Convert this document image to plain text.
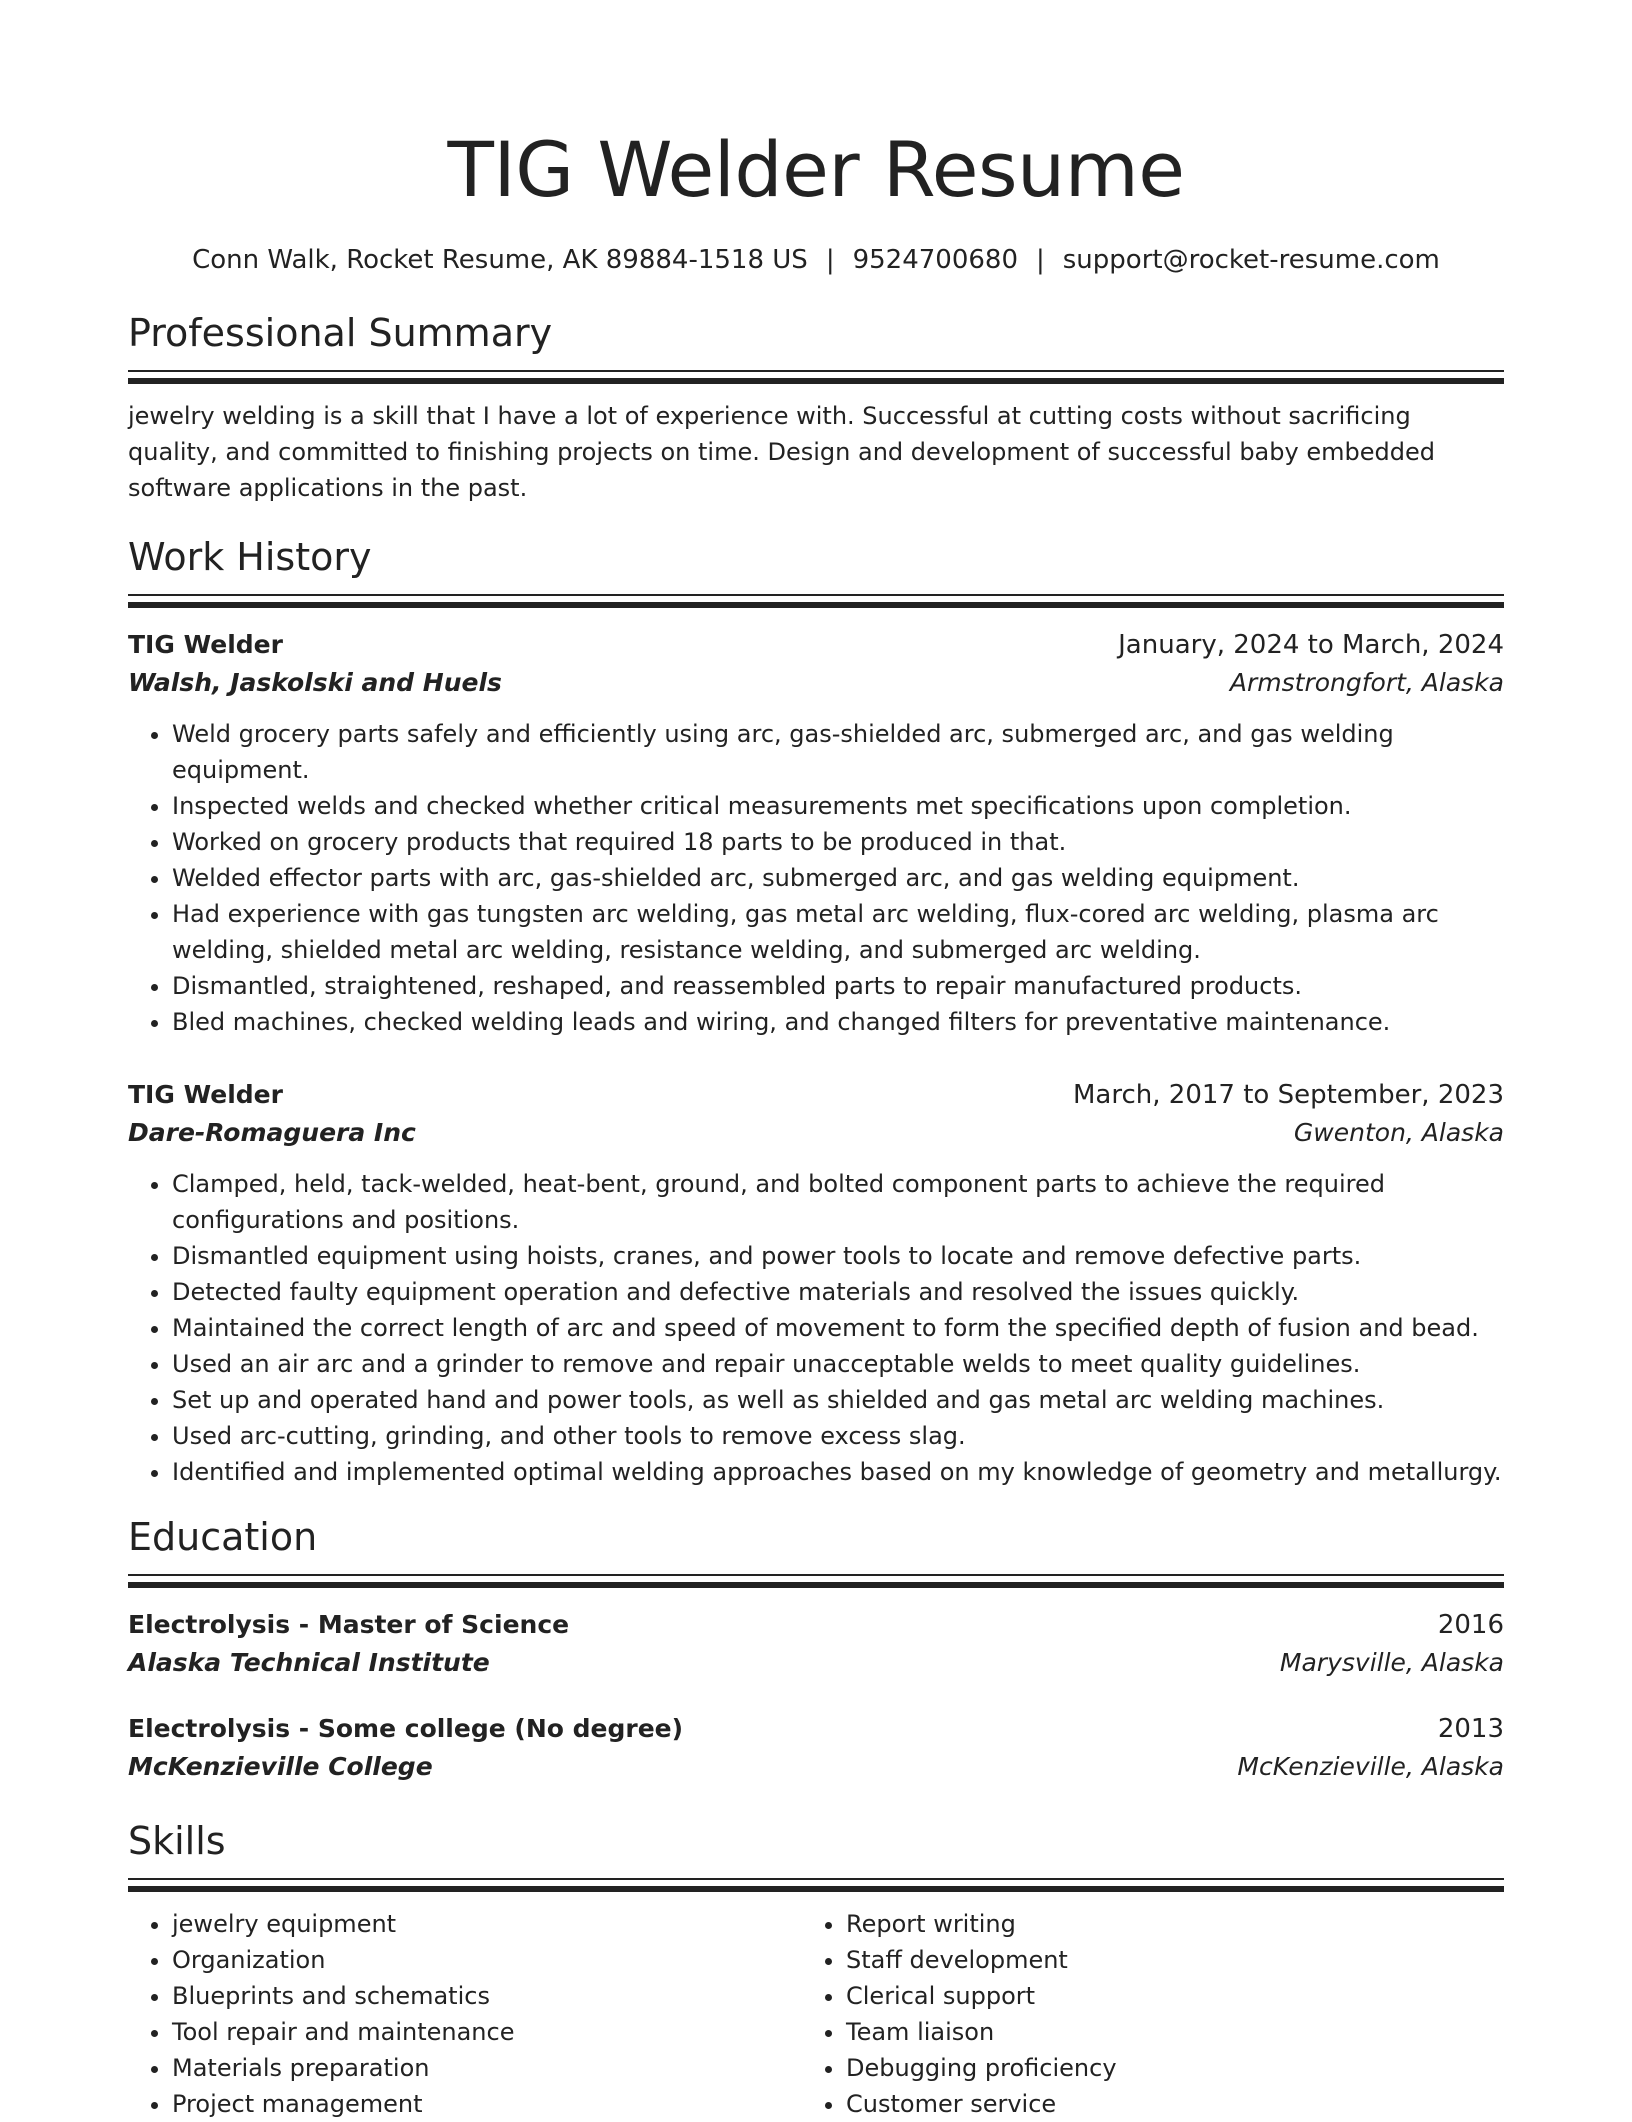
TIG Welder Resume
Conn Walk, Rocket Resume, AK 89884-1518 US | 9524700680 | support@rocket-resume.com
Professional Summary
jewelry welding is a skill that I have a lot of experience with. Successful at cutting costs without sacrificing quality, and committed to finishing projects on time. Design and development of successful baby embedded software applications in the past.
Work History
TIG Welder	January, 2024 to March, 2024
Walsh, Jaskolski and Huels	Armstrongfort, Alaska
• Weld grocery parts safely and efficiently using arc, gas-shielded arc, submerged arc, and gas welding equipment.
• Inspected welds and checked whether critical measurements met specifications upon completion.
• Worked on grocery products that required 18 parts to be produced in that.
• Welded effector parts with arc, gas-shielded arc, submerged arc, and gas welding equipment.
• Had experience with gas tungsten arc welding, gas metal arc welding, flux-cored arc welding, plasma arc welding, shielded metal arc welding, resistance welding, and submerged arc welding.
• Dismantled, straightened, reshaped, and reassembled parts to repair manufactured products.
• Bled machines, checked welding leads and wiring, and changed filters for preventative maintenance.
TIG Welder	March, 2017 to September, 2023
Dare-Romaguera Inc	Gwenton, Alaska
• Clamped, held, tack-welded, heat-bent, ground, and bolted component parts to achieve the required configurations and positions.
• Dismantled equipment using hoists, cranes, and power tools to locate and remove defective parts.
• Detected faulty equipment operation and defective materials and resolved the issues quickly.
• Maintained the correct length of arc and speed of movement to form the specified depth of fusion and bead.
• Used an air arc and a grinder to remove and repair unacceptable welds to meet quality guidelines.
• Set up and operated hand and power tools, as well as shielded and gas metal arc welding machines.
• Used arc-cutting, grinding, and other tools to remove excess slag.
• Identified and implemented optimal welding approaches based on my knowledge of geometry and metallurgy.
Education
Electrolysis - Master of Science	2016
Alaska Technical Institute	Marysville, Alaska
Electrolysis - Some college (No degree)	2013
McKenzieville College	McKenzieville, Alaska
Skills
• jewelry equipment
• Organization
• Blueprints and schematics
• Tool repair and maintenance
• Materials preparation
• Project management
• Report writing
• Staff development
• Clerical support
• Team liaison
• Debugging proficiency
• Customer service
